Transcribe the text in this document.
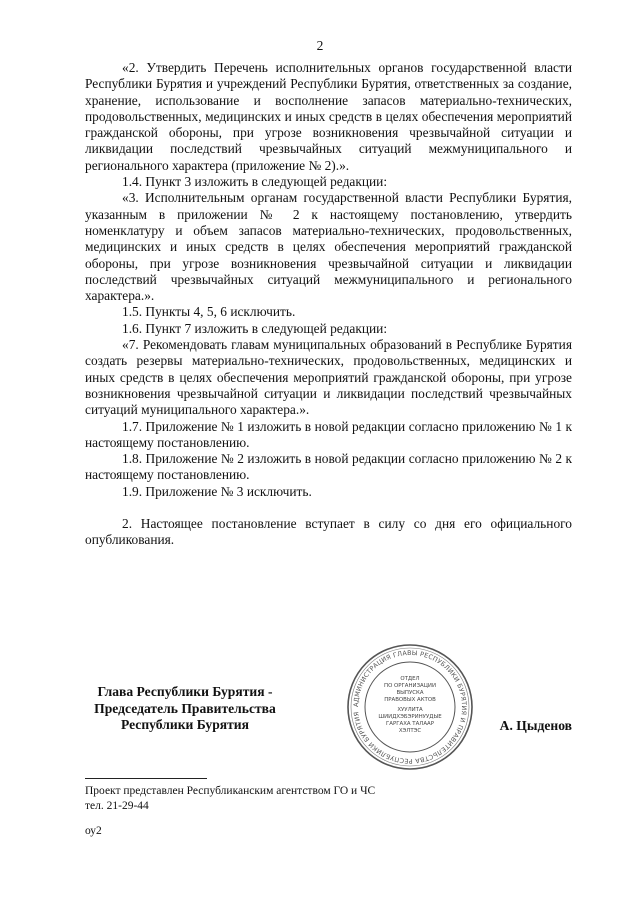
2

«2. Утвердить Перечень исполнительных органов государственной власти Республики Бурятия и учреждений Республики Бурятия, ответственных за создание, хранение, использование и восполнение запасов материально-технических, продовольственных, медицинских и иных средств в целях обеспечения мероприятий гражданской обороны, при угрозе возникновения чрезвычайной ситуации и ликвидации последствий чрезвычайных ситуаций межмуниципального и регионального характера (приложение № 2).».

1.4. Пункт 3 изложить в следующей редакции:

«3. Исполнительным органам государственной власти Республики Бурятия, указанным в приложении № 2 к настоящему постановлению, утвердить номенклатуру и объем запасов материально-технических, продовольственных, медицинских и иных средств в целях обеспечения мероприятий гражданской обороны, при угрозе возникновения чрезвычайной ситуации и ликвидации последствий чрезвычайных ситуаций межмуниципального и регионального характера.».

1.5. Пункты 4, 5, 6 исключить.

1.6. Пункт 7 изложить в следующей редакции:

«7. Рекомендовать главам муниципальных образований в Республике Бурятия создать резервы материально-технических, продовольственных, медицинских и иных средств в целях обеспечения мероприятий гражданской обороны, при угрозе возникновения чрезвычайной ситуации и ликвидации последствий чрезвычайных ситуаций муниципального характера.».

1.7. Приложение № 1 изложить в новой редакции согласно приложению № 1 к настоящему постановлению.

1.8. Приложение № 2 изложить в новой редакции согласно приложению № 2 к настоящему постановлению.

1.9. Приложение № 3 исключить.

2. Настоящее постановление вступает в силу со дня его официального опубликования.

АДМИНИСТРАЦИЯ ГЛАВЫ РЕСПУБЛИКИ БУРЯТИЯ И ПРАВИТЕЛЬСТВА РЕСПУБЛИКИ БУРЯТИЯ
ОТДЕЛ
ПО ОРГАНИЗАЦИИ
ВЫПУСКА
ПРАВОВЫХ АКТОВ
ХУУЛИТА
ШИИДХЭБЭРИНУУДЫЕ
ГАРГАХА ТАЛААР
ХЭЛТЭС
Глава Республики Бурятия -
Председатель Правительства
Республики Бурятия	А. Цыденов
Проект представлен Республиканским агентством ГО и ЧС
тел. 21-29-44
оу2
